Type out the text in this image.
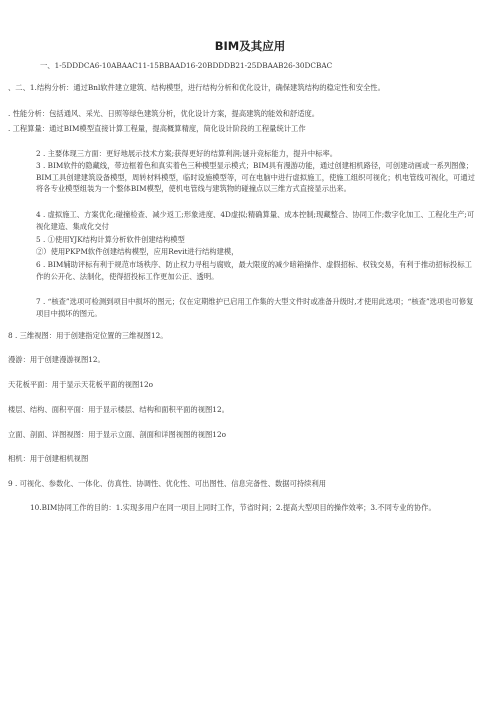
BIM及其应用
一、1-5DDDCA6-10ABAAC11-15BBAAD16-20BDDDB21-25DBAAB26-30DCBAC
、二、1.结构分析：通过Bnl软件建立建筑、结构模型，进行结构分析和优化设计，确保建筑结构的稳定性和安全性。
. 性能分析：包括通风、采光、日照等绿色建筑分析，优化设计方案，提高建筑的能效和舒适度。
. 工程算量：通过BIM模型直接计算工程量，提高概算精度，简化设计阶段的工程量统计工作
2 . 主要体现三方面：更好地展示技术方案;获得更好的结算利润;谜升竞标能力，提升中标率。
3 . BIM软件的隐藏线，带边框着色和真实着色三种模型显示模式；BIM具有漫游功能，通过创建相机路径，可创建动画或一系列图像；BIM工具创建建筑设备模型，周转材料模型，临时设施模型等，可在电脑中进行虚拟施工，使施工组织可视化；机电管线可视化，可通过将各专业模型组装为一个整体BIM模型，使机电管线与建筑物的碰撞点以三维方式直接显示出来。
4 . 虚拟施工、方案优化;碰撞检查、减少返工;形象进度、4D虚拟;精确算量、成本控制;现藏整合、协同工作;数字化加工、工程化生产;可视化建造、集成化交付
5 . ①使用YJK结构计算分析软件创建结构模型
②）使用PKPM软件创建结构模型，应用Revit进行结构建模，
6 . BIM辅助评标有利于规范市场秩序、防止权力寻租与腐败，最大限度的减少暗箱操作、虚假招标、权钱交易，有利于推动招标投标工作的公开化、法制化，使得招投标工作更加公正、透明。
7 . “核查”选项可检测到项目中损坏的图元；仅在定期维护已启用工作集的大型文件时或准备升级时,才使用此选项；“核查”选项也可修复项目中损坏的图元。
8 . 三维视图：用于创建指定位置的三维视图12。
漫游：用于创建漫游视图12。
天花板平面：用于显示天花板平面的视图12o
楼层、结构、面积平面：用于显示楼层、结构和面积平面的视图12。
立面、剖面、详图视图：用于显示立面、剖面和详图视图的视图12o
相机：用于创建相机视图
9 . 可视化、参数化、一体化、仿真性、协调性、优化性、可出图性、信息完备性、数据可持续利用
10.BIM协同工作的目的：1.实现多用户在同一项目上同时工作，节省时间；2.提高大型项目的操作效率；3.不同专业的协作。
